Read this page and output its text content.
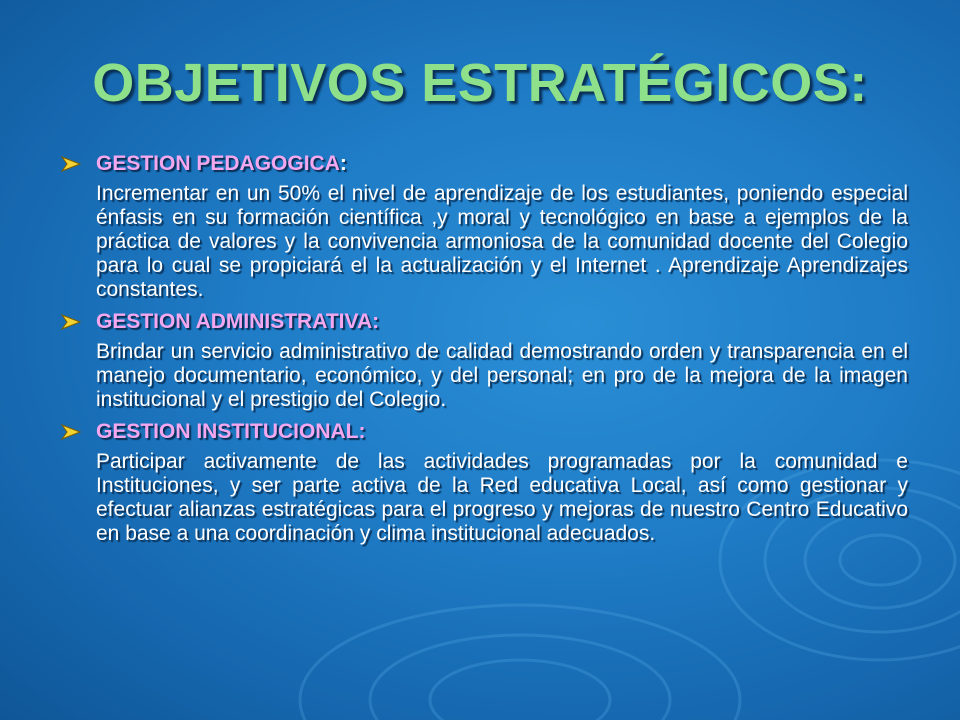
OBJETIVOS ESTRATÉGICOS:
GESTION PEDAGOGICA :

Incrementar en un 50% el nivel de aprendizaje de los estudiantes, poniendo especial énfasis en su formación científica ,y moral y tecnológico en base a ejemplos de la práctica de valores y la convivencia armoniosa de la comunidad docente del Colegio para lo cual se propiciará el la actualización y el Internet . Aprendizaje Aprendizajes constantes.

GESTION ADMINISTRATIVA:

Brindar un servicio administrativo de calidad demostrando orden y transparencia en el manejo documentario, económico, y del personal; en pro de la mejora de la imagen institucional y el prestigio del Colegio.

GESTION INSTITUCIONAL:

Participar activamente de las actividades programadas por la comunidad e Instituciones, y ser parte activa de la Red educativa Local, así como gestionar y efectuar alianzas estratégicas para el progreso y mejoras de nuestro Centro Educativo en base a una coordinación y clima institucional adecuados.
